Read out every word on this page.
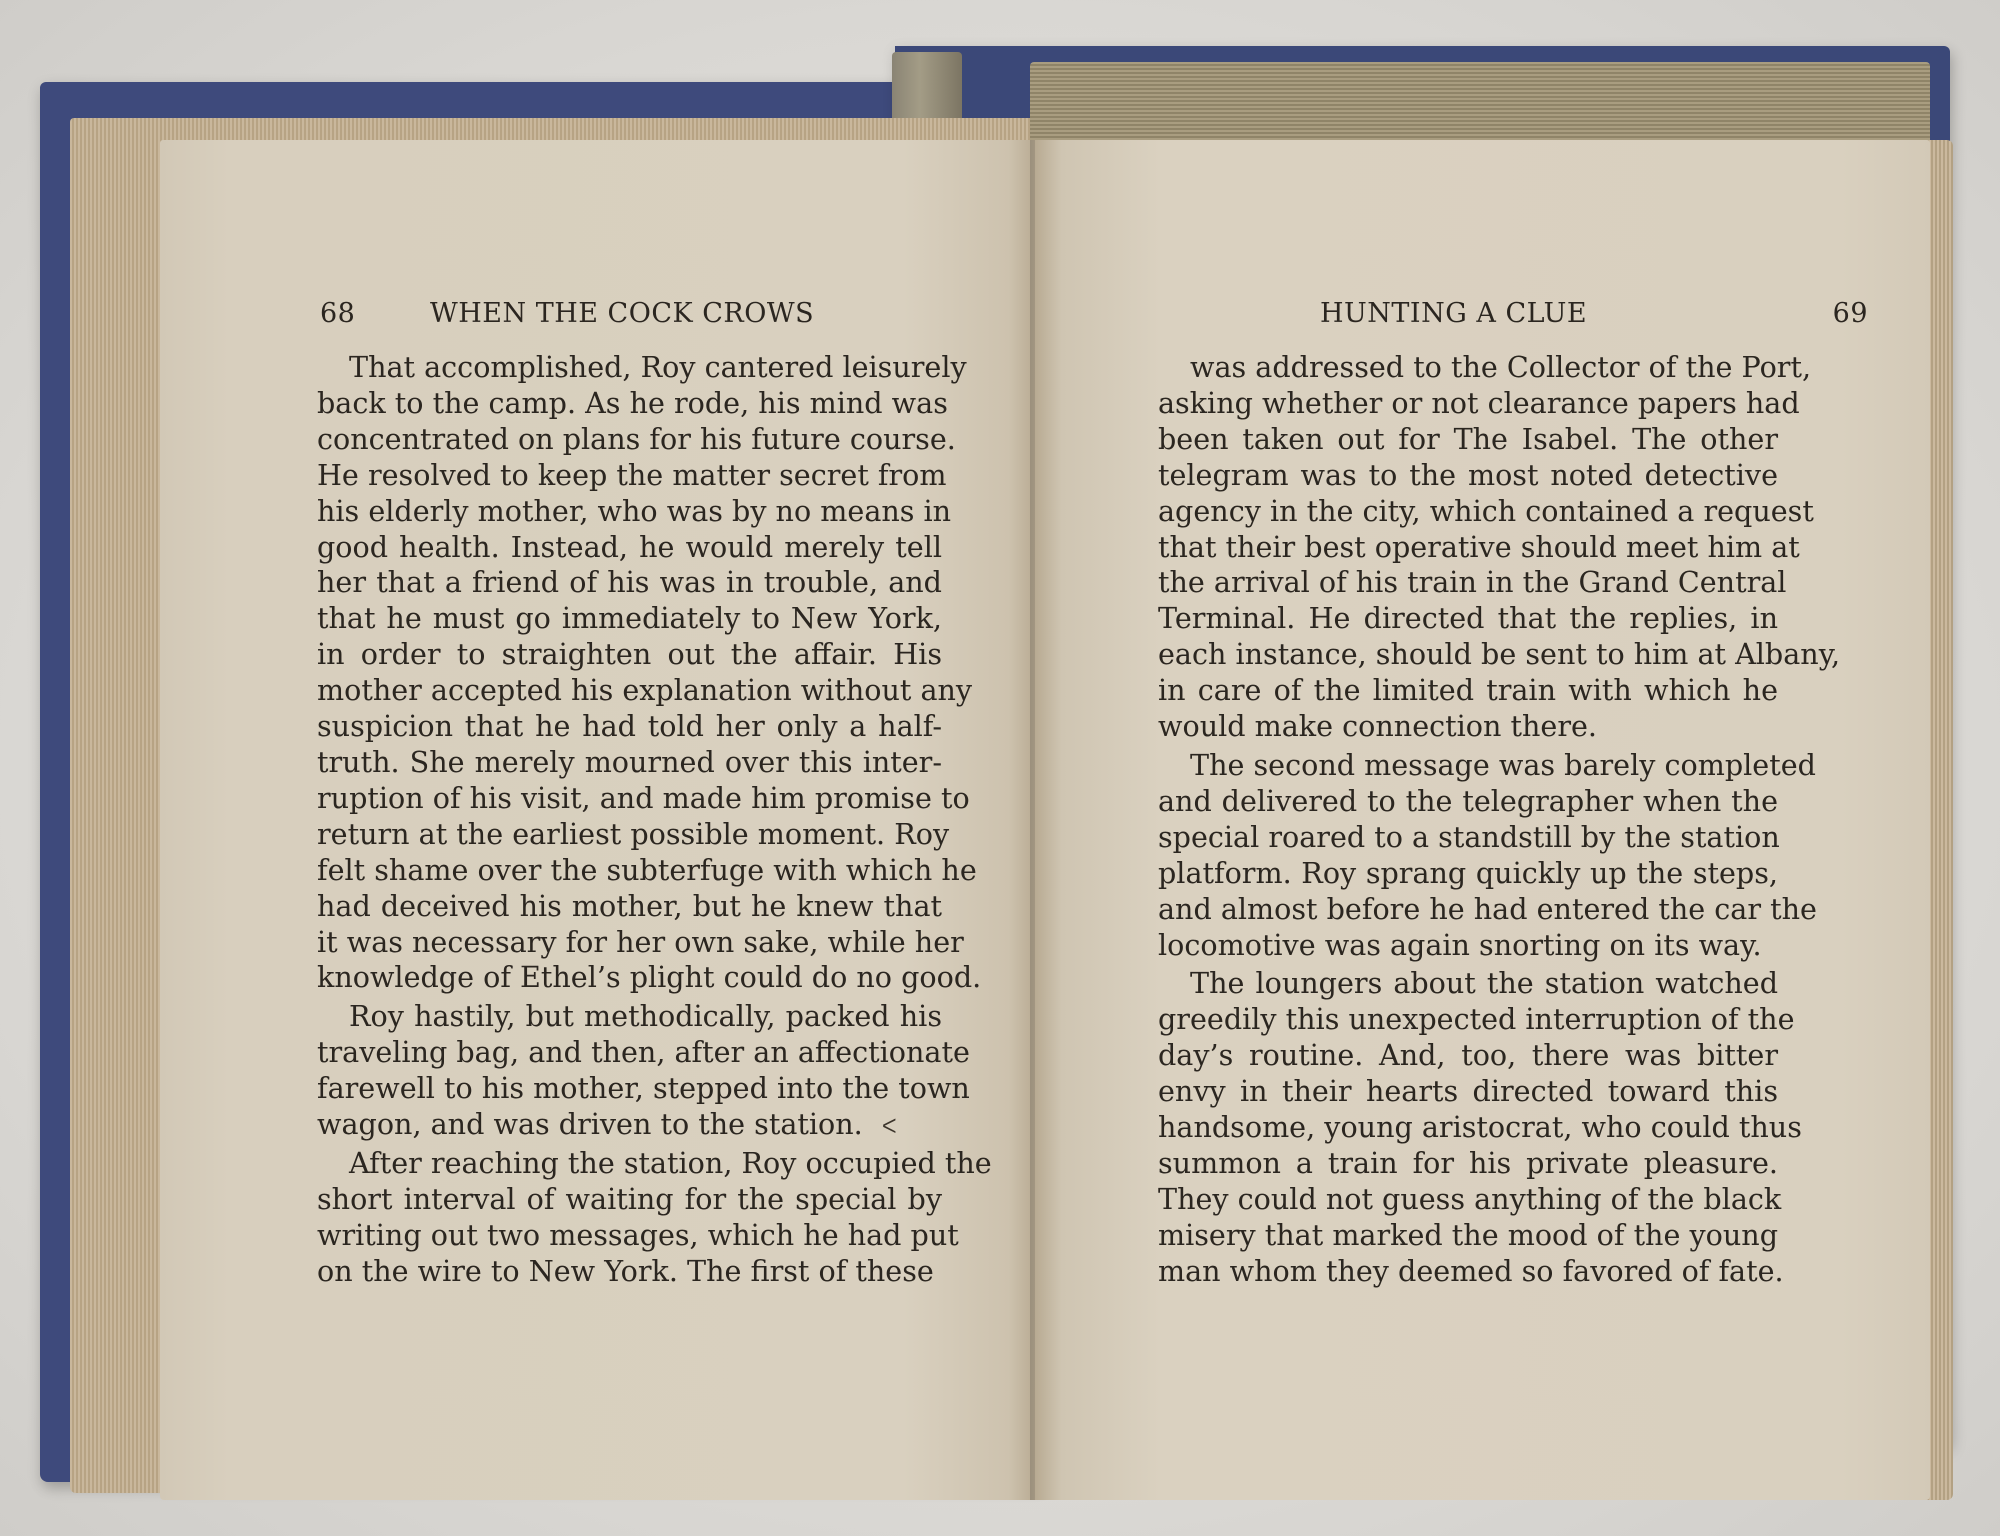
68	WHEN THE COCK CROWS

That accomplished, Roy cantered leisurely
back to the camp. As he rode, his mind was
concentrated on plans for his future course.
He resolved to keep the matter secret from
his elderly mother, who was by no means in
good health. Instead, he would merely tell
her that a friend of his was in trouble, and
that he must go immediately to New York,
in order to straighten out the affair. His
mother accepted his explanation without any
suspicion that he had told her only a half-
truth. She merely mourned over this inter-
ruption of his visit, and made him promise to
return at the earliest possible moment. Roy
felt shame over the subterfuge with which he
had deceived his mother, but he knew that
it was necessary for her own sake, while her
knowledge of Ethel’s plight could do no good.

Roy hastily, but methodically, packed his
traveling bag, and then, after an affectionate
farewell to his mother, stepped into the town
wagon, and was driven to the station.

After reaching the station, Roy occupied the
short interval of waiting for the special by
writing out two messages, which he had put
on the wire to New York. The first of these

ᐸ
HUNTING A CLUE	69

was addressed to the Collector of the Port,
asking whether or not clearance papers had
been taken out for The Isabel. The other
telegram was to the most noted detective
agency in the city, which contained a request
that their best operative should meet him at
the arrival of his train in the Grand Central
Terminal. He directed that the replies, in
each instance, should be sent to him at Albany,
in care of the limited train with which he
would make connection there.

The second message was barely completed
and delivered to the telegrapher when the
special roared to a standstill by the station
platform. Roy sprang quickly up the steps,
and almost before he had entered the car the
locomotive was again snorting on its way.

The loungers about the station watched
greedily this unexpected interruption of the
day’s routine. And, too, there was bitter
envy in their hearts directed toward this
handsome, young aristocrat, who could thus
summon a train for his private pleasure.
They could not guess anything of the black
misery that marked the mood of the young
man whom they deemed so favored of fate.
